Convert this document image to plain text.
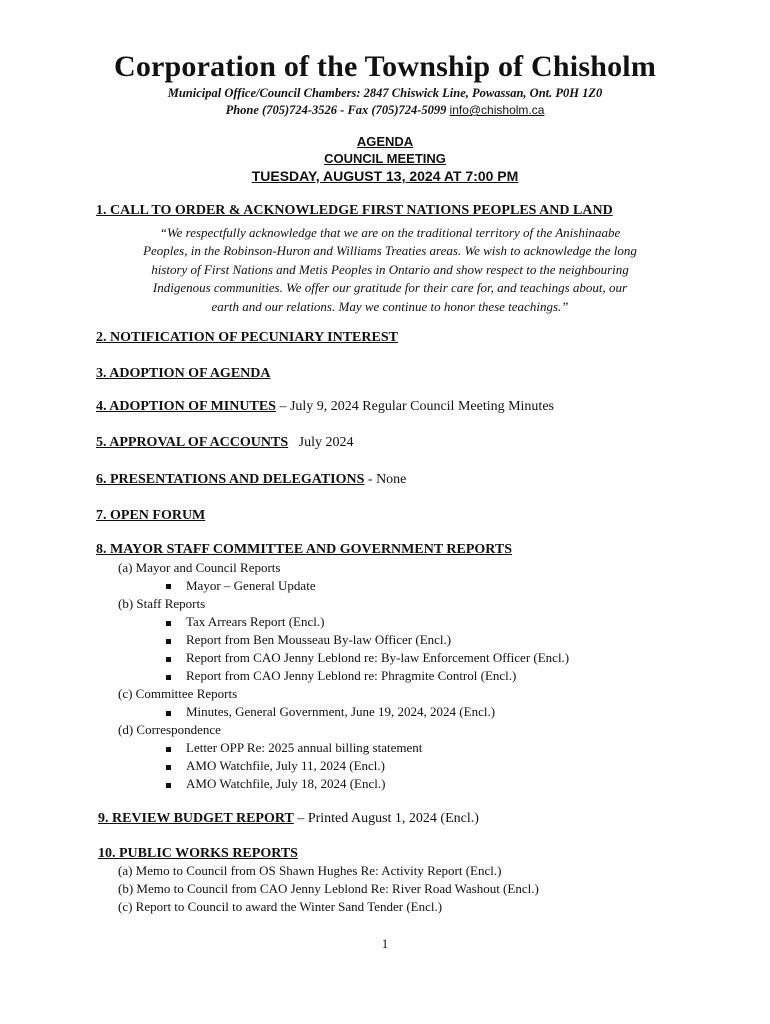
Corporation of the Township of Chisholm
Municipal Office/Council Chambers: 2847 Chiswick Line, Powassan, Ont. P0H 1Z0
Phone (705)724-3526 - Fax (705)724-5099 info@chisholm.ca
AGENDA
COUNCIL MEETING
TUESDAY, AUGUST 13, 2024 AT 7:00 PM
1. CALL TO ORDER & ACKNOWLEDGE FIRST NATIONS PEOPLES AND LAND
“We respectfully acknowledge that we are on the traditional territory of the Anishinaabe
Peoples, in the Robinson-Huron and Williams Treaties areas. We wish to acknowledge the long
history of First Nations and Metis Peoples in Ontario and show respect to the neighbouring
Indigenous communities. We offer our gratitude for their care for, and teachings about, our
earth and our relations. May we continue to honor these teachings.”
2. NOTIFICATION OF PECUNIARY INTEREST
3. ADOPTION OF AGENDA
4. ADOPTION OF MINUTES – July 9, 2024 Regular Council Meeting Minutes
5. APPROVAL OF ACCOUNTS   July 2024
6. PRESENTATIONS AND DELEGATIONS - None
7. OPEN FORUM
8. MAYOR STAFF COMMITTEE AND GOVERNMENT REPORTS
(a) Mayor and Council Reports
Mayor – General Update
(b) Staff Reports
Tax Arrears Report (Encl.)
Report from Ben Mousseau By-law Officer (Encl.)
Report from CAO Jenny Leblond re: By-law Enforcement Officer (Encl.)
Report from CAO Jenny Leblond re: Phragmite Control (Encl.)
(c) Committee Reports
Minutes, General Government, June 19, 2024, 2024 (Encl.)
(d) Correspondence
Letter OPP Re: 2025 annual billing statement
AMO Watchfile, July 11, 2024 (Encl.)
AMO Watchfile, July 18, 2024 (Encl.)
9. REVIEW BUDGET REPORT – Printed August 1, 2024 (Encl.)
10. PUBLIC WORKS REPORTS
(a) Memo to Council from OS Shawn Hughes Re: Activity Report (Encl.)
(b) Memo to Council from CAO Jenny Leblond Re: River Road Washout (Encl.)
(c) Report to Council to award the Winter Sand Tender (Encl.)
1
